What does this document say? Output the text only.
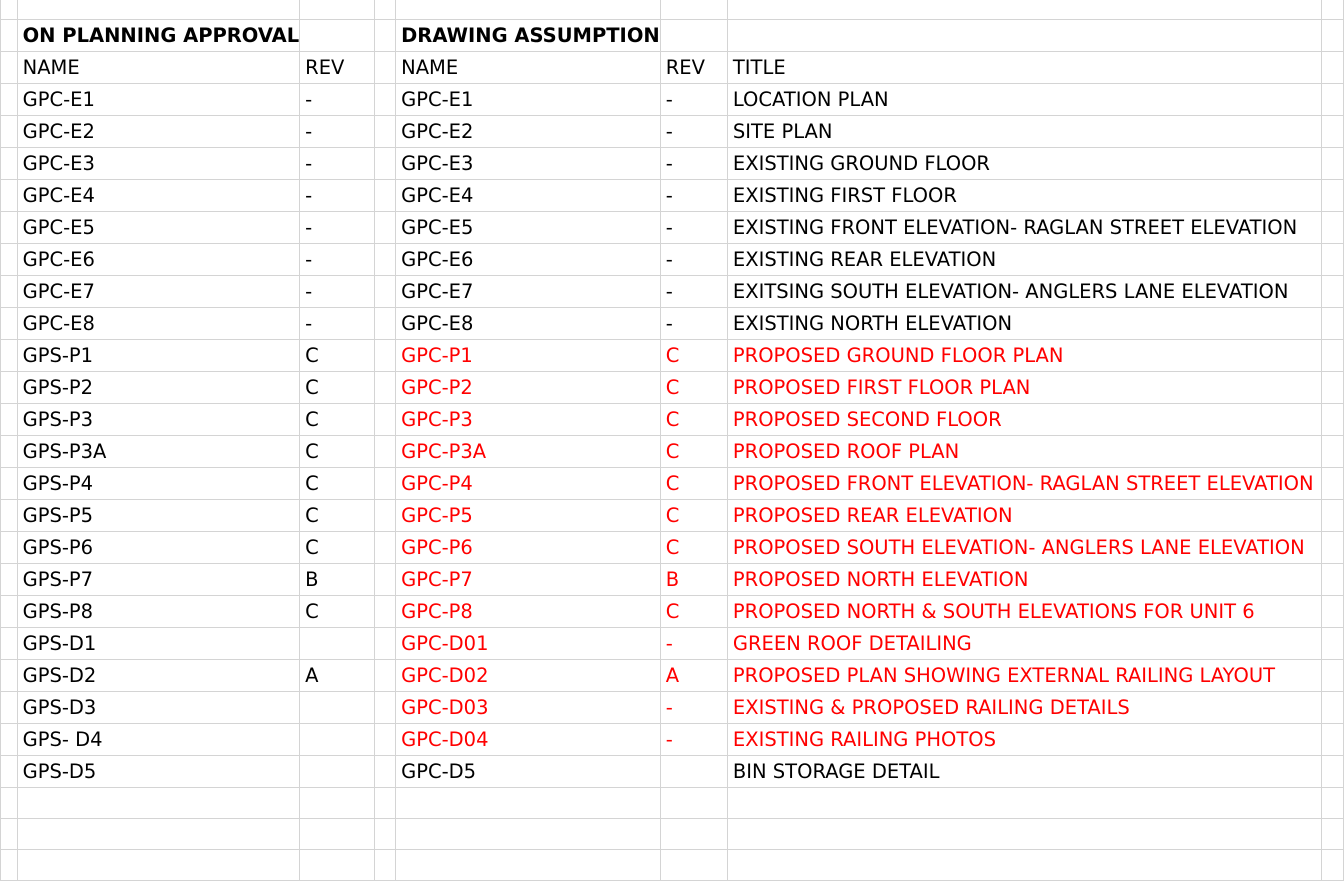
	ON PLANNING APPROVAL			DRAWING ASSUMPTION			
	NAME	REV		NAME	REV	TITLE	
	GPC-E1	-		GPC-E1	-	LOCATION PLAN	
	GPC-E2	-		GPC-E2	-	SITE PLAN	
	GPC-E3	-		GPC-E3	-	EXISTING GROUND FLOOR	
	GPC-E4	-		GPC-E4	-	EXISTING FIRST FLOOR	
	GPC-E5	-		GPC-E5	-	EXISTING FRONT ELEVATION- RAGLAN STREET ELEVATION	
	GPC-E6	-		GPC-E6	-	EXISTING REAR ELEVATION	
	GPC-E7	-		GPC-E7	-	EXITSING SOUTH ELEVATION- ANGLERS LANE ELEVATION	
	GPC-E8	-		GPC-E8	-	EXISTING NORTH ELEVATION	
	GPS-P1	C		GPC-P1	C	PROPOSED GROUND FLOOR PLAN	
	GPS-P2	C		GPC-P2	C	PROPOSED FIRST FLOOR PLAN	
	GPS-P3	C		GPC-P3	C	PROPOSED SECOND FLOOR	
	GPS-P3A	C		GPC-P3A	C	PROPOSED ROOF PLAN	
	GPS-P4	C		GPC-P4	C	PROPOSED FRONT ELEVATION- RAGLAN STREET ELEVATION	
	GPS-P5	C		GPC-P5	C	PROPOSED REAR ELEVATION	
	GPS-P6	C		GPC-P6	C	PROPOSED SOUTH ELEVATION- ANGLERS LANE ELEVATION	
	GPS-P7	B		GPC-P7	B	PROPOSED NORTH ELEVATION	
	GPS-P8	C		GPC-P8	C	PROPOSED NORTH & SOUTH ELEVATIONS FOR UNIT 6	
	GPS-D1			GPC-D01	-	GREEN ROOF DETAILING	
	GPS-D2	A		GPC-D02	A	PROPOSED PLAN SHOWING EXTERNAL RAILING LAYOUT	
	GPS-D3			GPC-D03	-	EXISTING & PROPOSED RAILING DETAILS	
	GPS- D4			GPC-D04	-	EXISTING RAILING PHOTOS	
	GPS-D5			GPC-D5		BIN STORAGE DETAIL	
